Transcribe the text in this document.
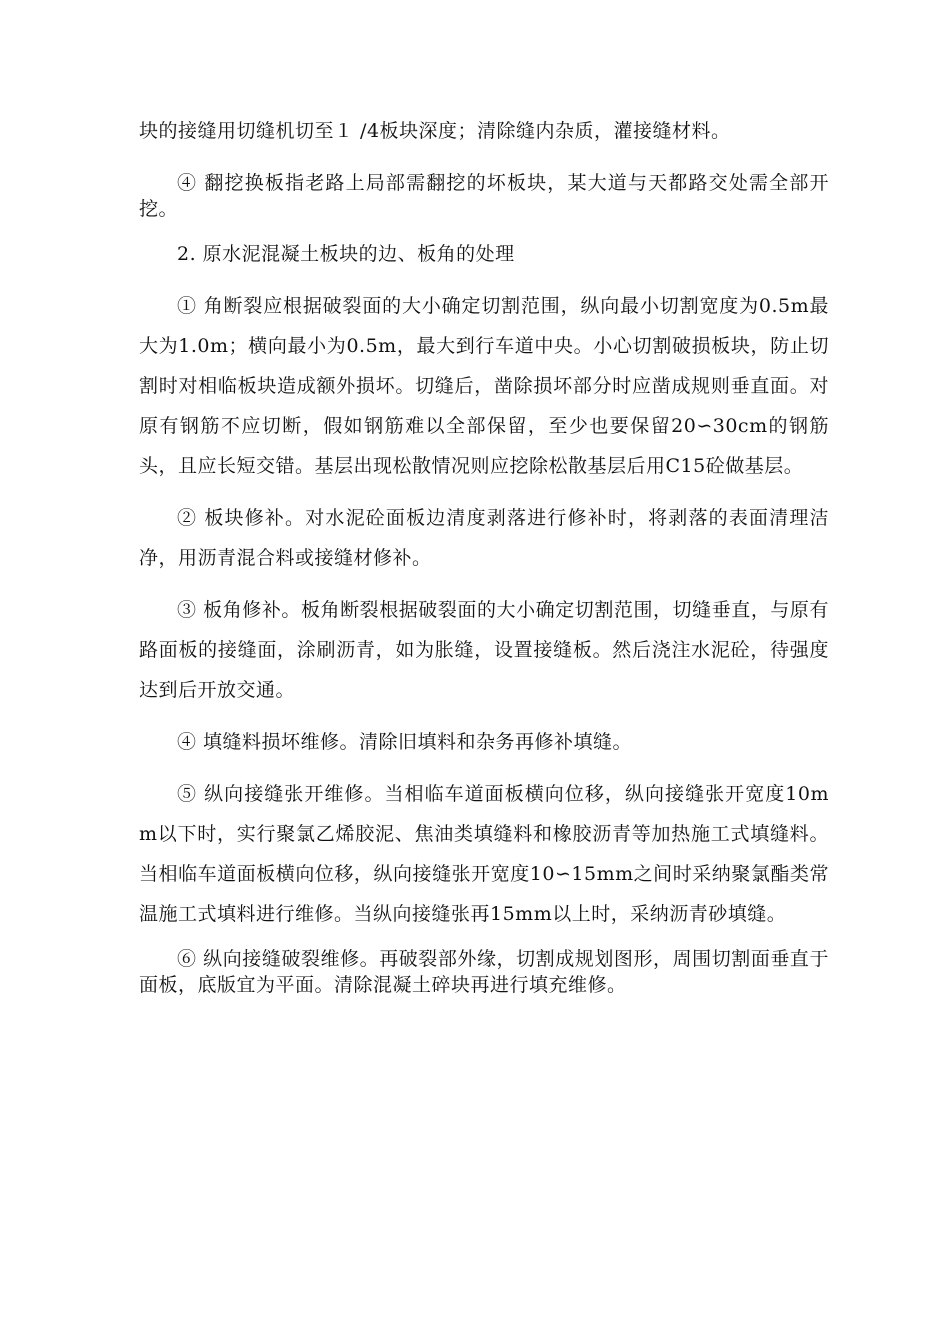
块的接缝用切缝机切至１ /4板块深度；清除缝内杂质，灌接缝材料。

④ 翻挖换板指老路上局部需翻挖的坏板块，某大道与天都路交处需全部开挖。

2. 原水泥混凝土板块的边、板角的处理

① 角断裂应根据破裂面的大小确定切割范围，纵向最小切割宽度为0.5m最大为1.0m；横向最小为0.5m，最大到行车道中央。小心切割破损板块，防止切割时对相临板块造成额外损坏。切缝后，凿除损坏部分时应凿成规则垂直面。对原有钢筋不应切断，假如钢筋难以全部保留，至少也要保留20∽30cm的钢筋头，且应长短交错。基层出现松散情况则应挖除松散基层后用C15砼做基层。

② 板块修补。对水泥砼面板边清度剥落进行修补时，将剥落的表面清理洁净，用沥青混合料或接缝材修补。

③ 板角修补。板角断裂根据破裂面的大小确定切割范围，切缝垂直，与原有路面板的接缝面，涂刷沥青，如为胀缝，设置接缝板。然后浇注水泥砼，待强度达到后开放交通。

④ 填缝料损坏维修。清除旧填料和杂务再修补填缝。

⑤ 纵向接缝张开维修。当相临车道面板横向位移，纵向接缝张开宽度10mm以下时，实行聚氯乙烯胶泥、焦油类填缝料和橡胶沥青等加热施工式填缝料。当相临车道面板横向位移，纵向接缝张开宽度10∽15mm之间时采纳聚氯酯类常温施工式填料进行维修。当纵向接缝张再15mm以上时，采纳沥青砂填缝。

⑥ 纵向接缝破裂维修。再破裂部外缘，切割成规划图形，周围切割面垂直于面板，底版宜为平面。清除混凝土碎块再进行填充维修。
